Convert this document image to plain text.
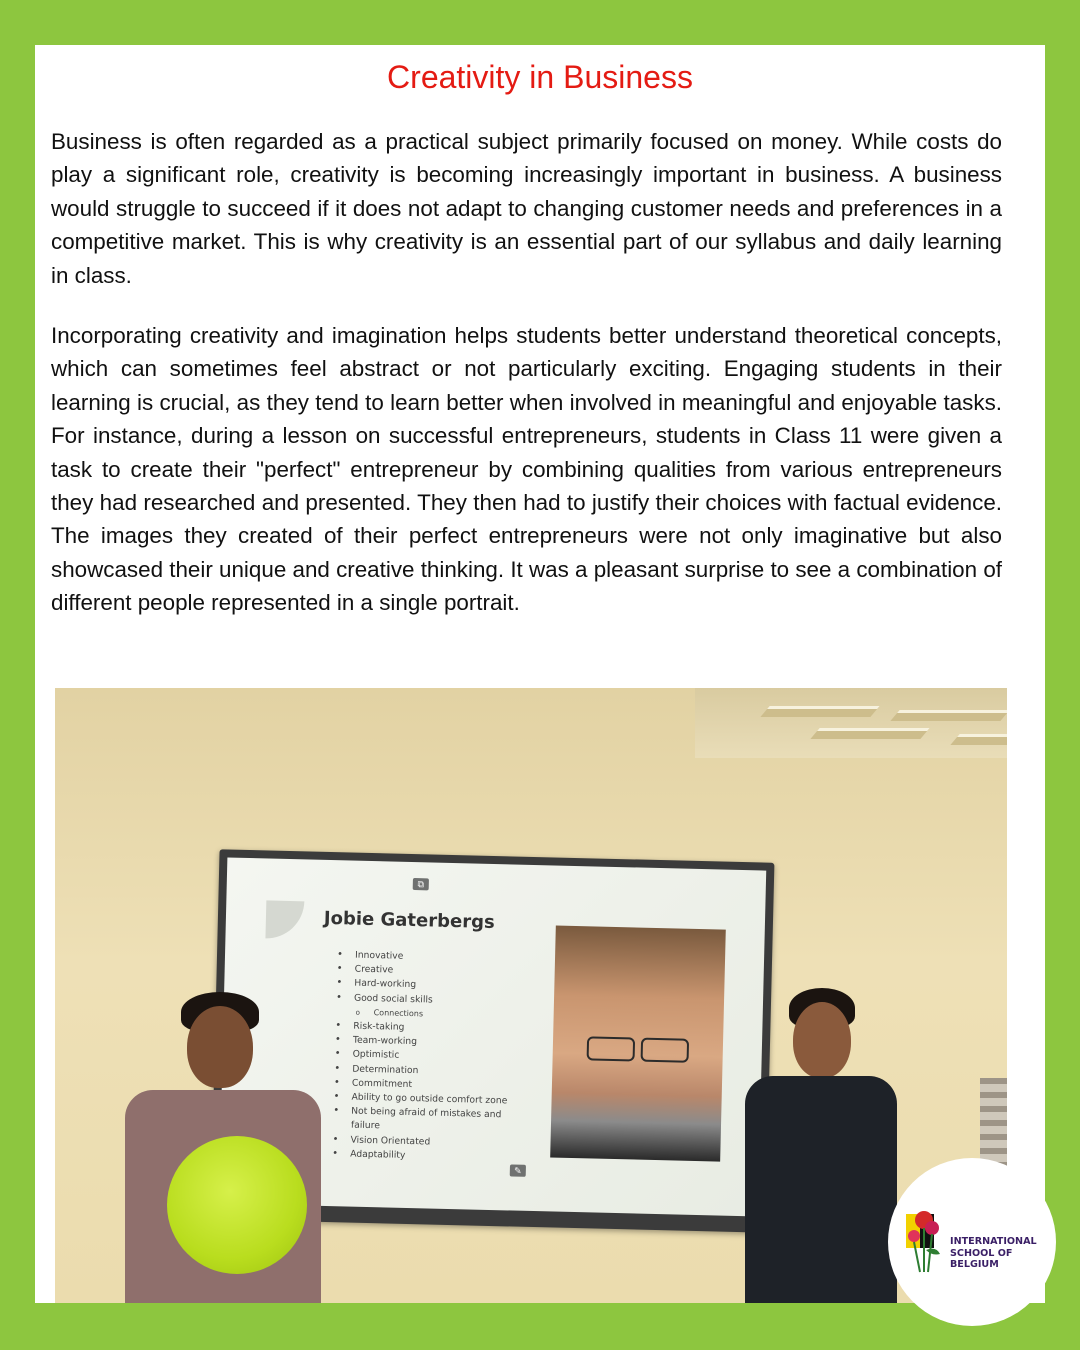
Creativity in Business

Business is often regarded as a practical subject primarily focused on money. While costs do play a significant role, creativity is becoming increasingly important in business. A business would struggle to succeed if it does not adapt to changing customer needs and preferences in a competitive market. This is why creativity is an essential part of our syllabus and daily learning in class.

Incorporating creativity and imagination helps students better understand theoretical concepts, which can sometimes feel abstract or not particularly exciting. Engaging students in their learning is crucial, as they tend to learn better when involved in meaningful and enjoyable tasks. For instance, during a lesson on successful entrepreneurs, students in Class 11 were given a task to create their "perfect" entrepreneur by combining qualities from various entrepreneurs they had researched and presented. They then had to justify their choices with factual evidence. The images they created of their perfect entrepreneurs were not only imaginative but also showcased their unique and creative thinking. It was a pleasant surprise to see a combination of different people represented in a single portrait.

⧉
Jobie Gaterbergs
• Innovative
• Creative
• Hard-working
• Good social skills
o Connections
• Risk-taking
• Team-working
• Optimistic
• Determination
• Commitment
• Ability to go outside comfort zone
• Not being afraid of mistakes and failure
• Vision Orientated
• Adaptability
✎

INTERNATIONAL
SCHOOL OF
BELGIUM
